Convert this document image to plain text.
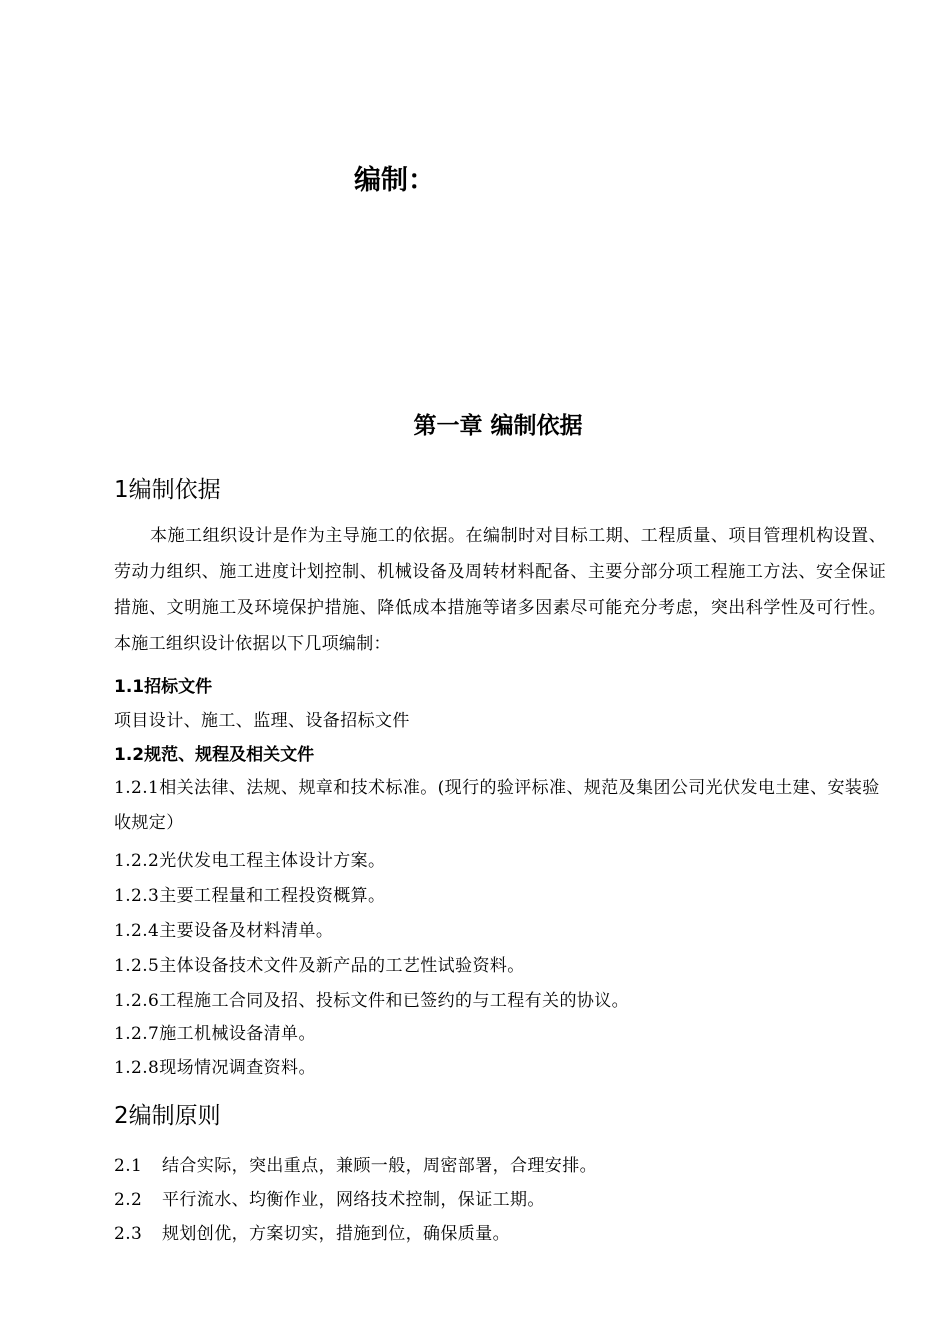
编制：
第一章 编制依据
1编制依据
本施工组织设计是作为主导施工的依据。在编制时对目标工期、工程质量、项目管理机构设置、劳动力组织、施工进度计划控制、机械设备及周转材料配备、主要分部分项工程施工方法、安全保证措施、文明施工及环境保护措施、降低成本措施等诸多因素尽可能充分考虑，突出科学性及可行性。本施工组织设计依据以下几项编制：
1.1招标文件
项目设计、施工、监理、设备招标文件
1.2规范、规程及相关文件
1.2.1相关法律、法规、规章和技术标准。(现行的验评标准、规范及集团公司光伏发电土建、安装验收规定）
1.2.2光伏发电工程主体设计方案。
1.2.3主要工程量和工程投资概算。
1.2.4主要设备及材料清单。
1.2.5主体设备技术文件及新产品的工艺性试验资料。
1.2.6工程施工合同及招、投标文件和已签约的与工程有关的协议。
1.2.7施工机械设备清单。
1.2.8现场情况调查资料。
2编制原则
2.1 结合实际，突出重点，兼顾一般，周密部署，合理安排。
2.2 平行流水、均衡作业，网络技术控制，保证工期。
2.3 规划创优，方案切实，措施到位，确保质量。
